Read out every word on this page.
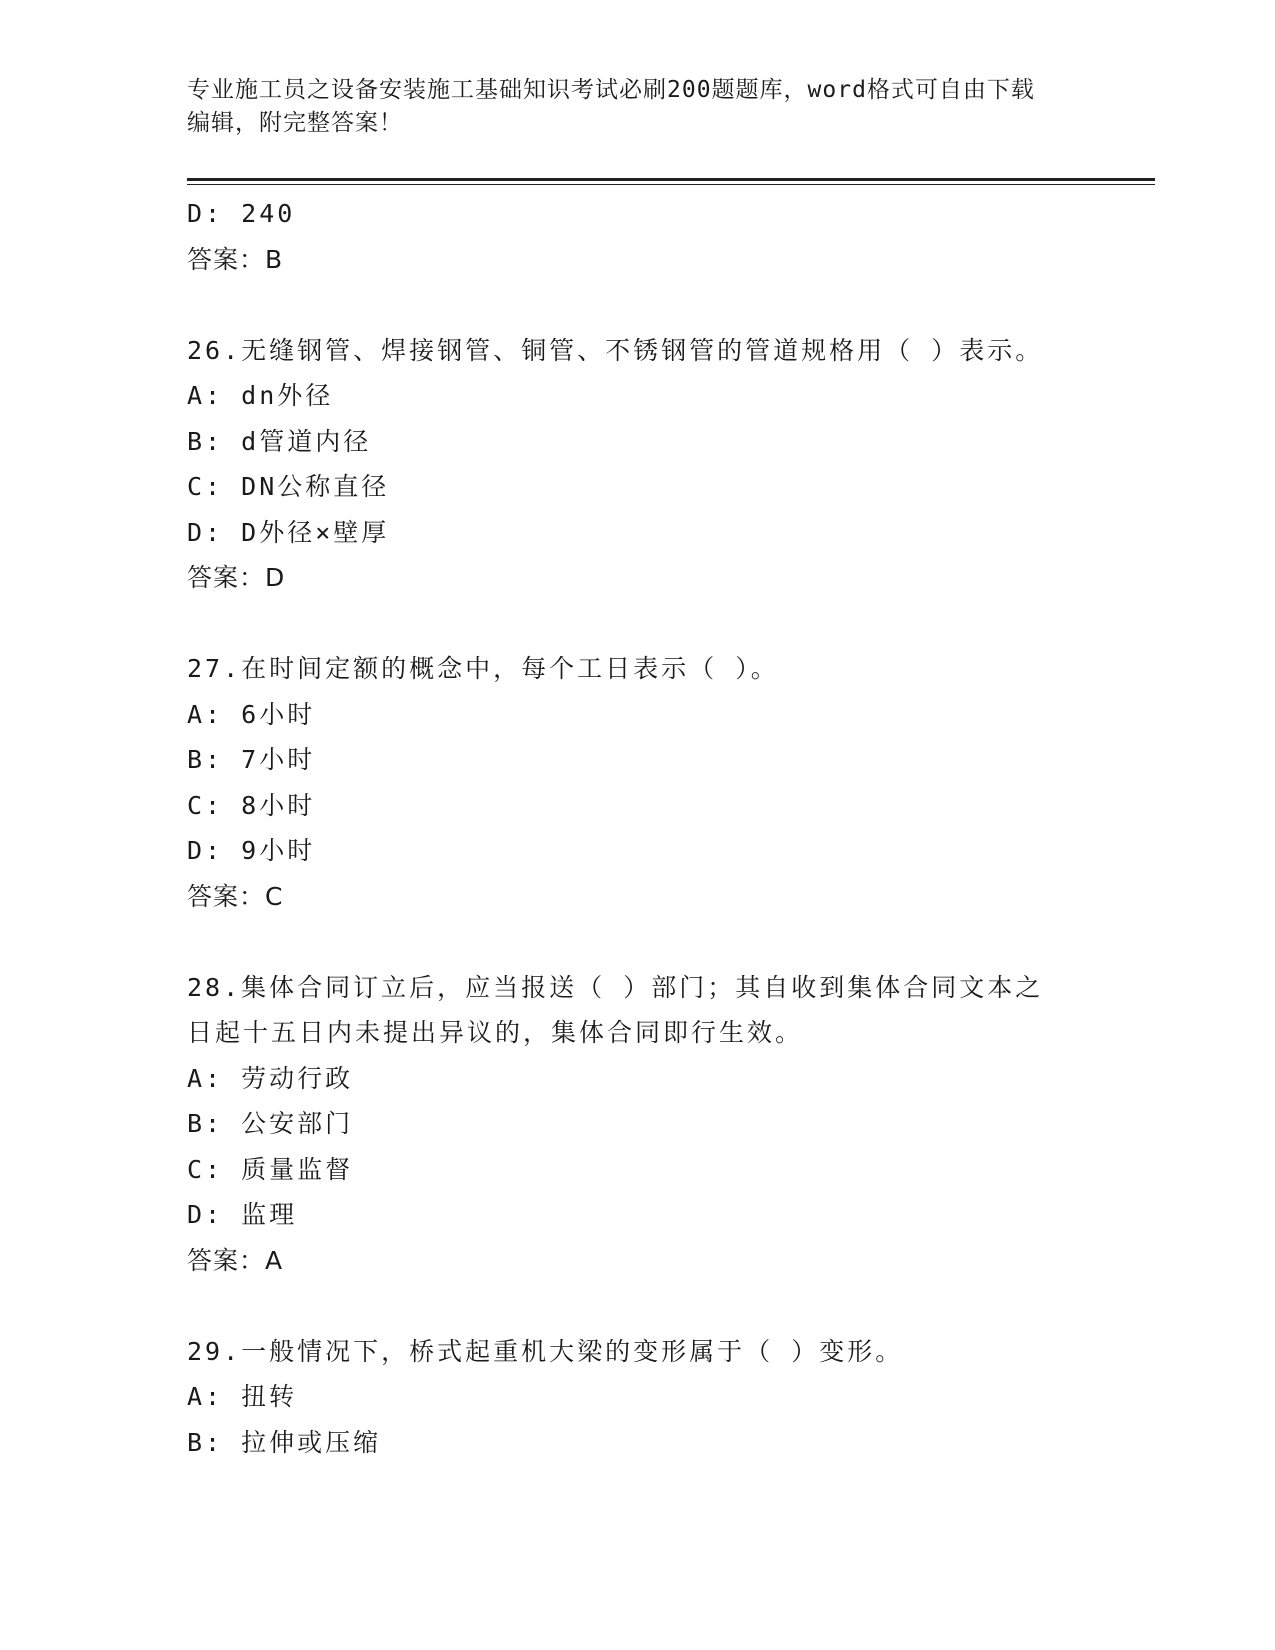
专业施工员之设备安装施工基础知识考试必刷200题题库，word格式可自由下载
编辑，附完整答案！
D: 240
答案：B
26.无缝钢管、焊接钢管、铜管、不锈钢管的管道规格用（ ）表示。
A: dn外径
B: d管道内径
C: DN公称直径
D: D外径×壁厚
答案：D
27.在时间定额的概念中，每个工日表示（ ）。
A: 6小时
B: 7小时
C: 8小时
D: 9小时
答案：C
28.集体合同订立后，应当报送（ ）部门；其自收到集体合同文本之
日起十五日内未提出异议的，集体合同即行生效。
A: 劳动行政
B: 公安部门
C: 质量监督
D: 监理
答案：A
29.一般情况下，桥式起重机大梁的变形属于（ ）变形。
A: 扭转
B: 拉伸或压缩
